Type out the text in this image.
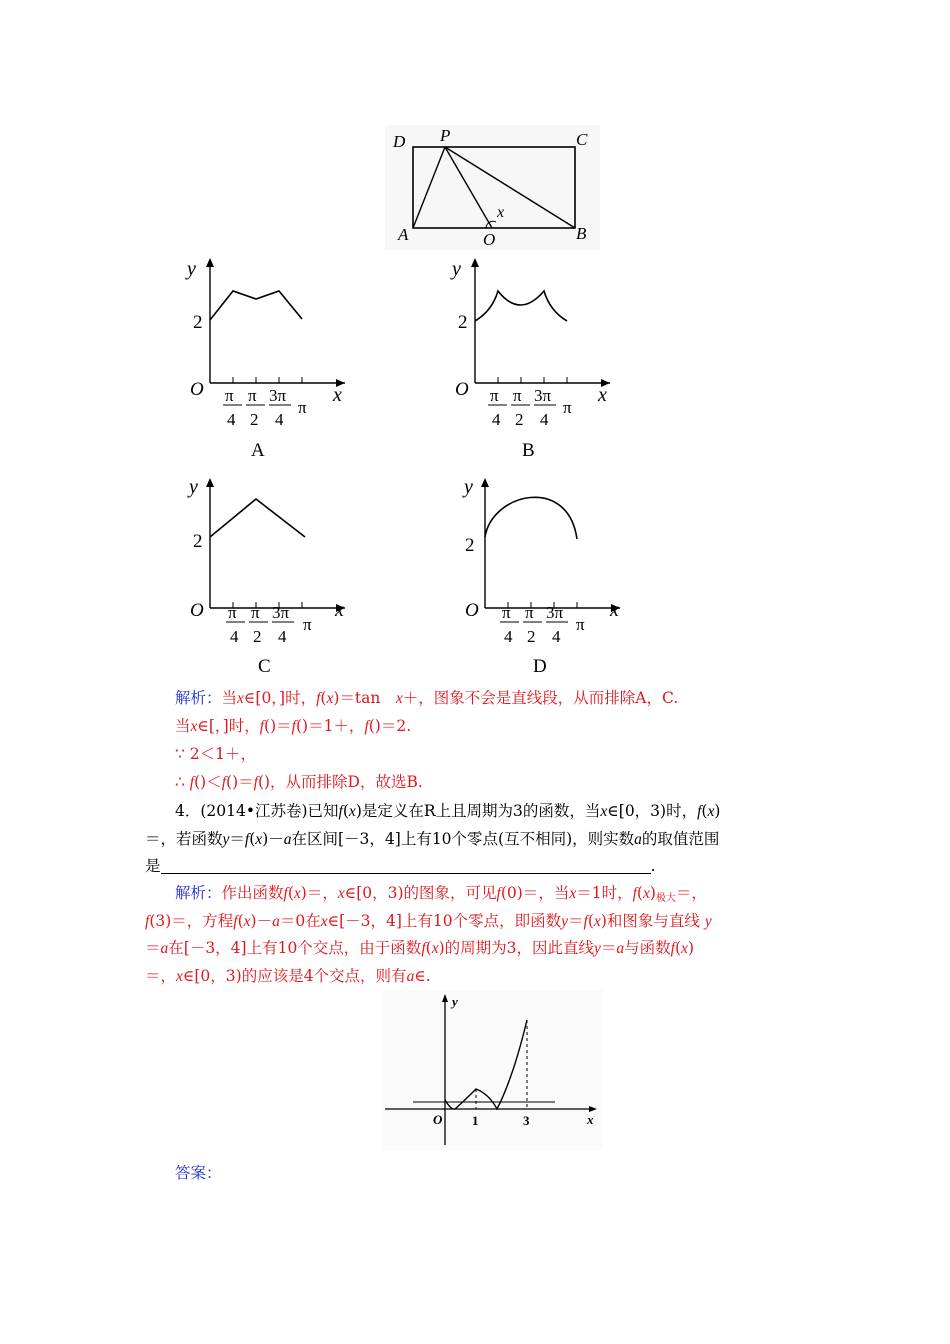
D P	C
A	O	B
x
y
x
O
2
π
4
π
2
3π
4
π
A
y
x
O
2
π
4
π
2
3π
4
π
B
y
x
O
2
π
4
π
2
3π
4
π
C
y
x
O
2
π
4
π
2
3π
4
π
D
解析：当x∈[0，]时，f(x)＝tan　x＋，图象不会是直线段，从而排除A，C.
当x∈[，]时，f()＝f()＝1＋，f()＝2.
∵ 2＜1＋，
∴ f()＜f()＝f()，从而排除D，故选B.
4．(2014•江苏卷)已知f(x)是定义在R上且周期为3的函数，当x∈[0，3)时，f(x)
＝，若函数y＝f(x)－a在区间[－3，4]上有10个零点(互不相同)，则实数a的取值范围
是	.
解析：作出函数f(x)＝，x∈[0，3)的图象，可见f(0)＝，当x＝1时，$f(x)_{极大}=$，
f(3)＝，方程f(x)－a＝0在x∈[－3，4]上有10个零点，即函数y＝f(x)和图象与直线 y
＝a在[－3，4]上有10个交点，由于函数f(x)的周期为3，因此直线y＝a与函数f(x)
＝，x∈[0，3)的应该是4个交点，则有a∈.
y
x
O 1	3
答案：
